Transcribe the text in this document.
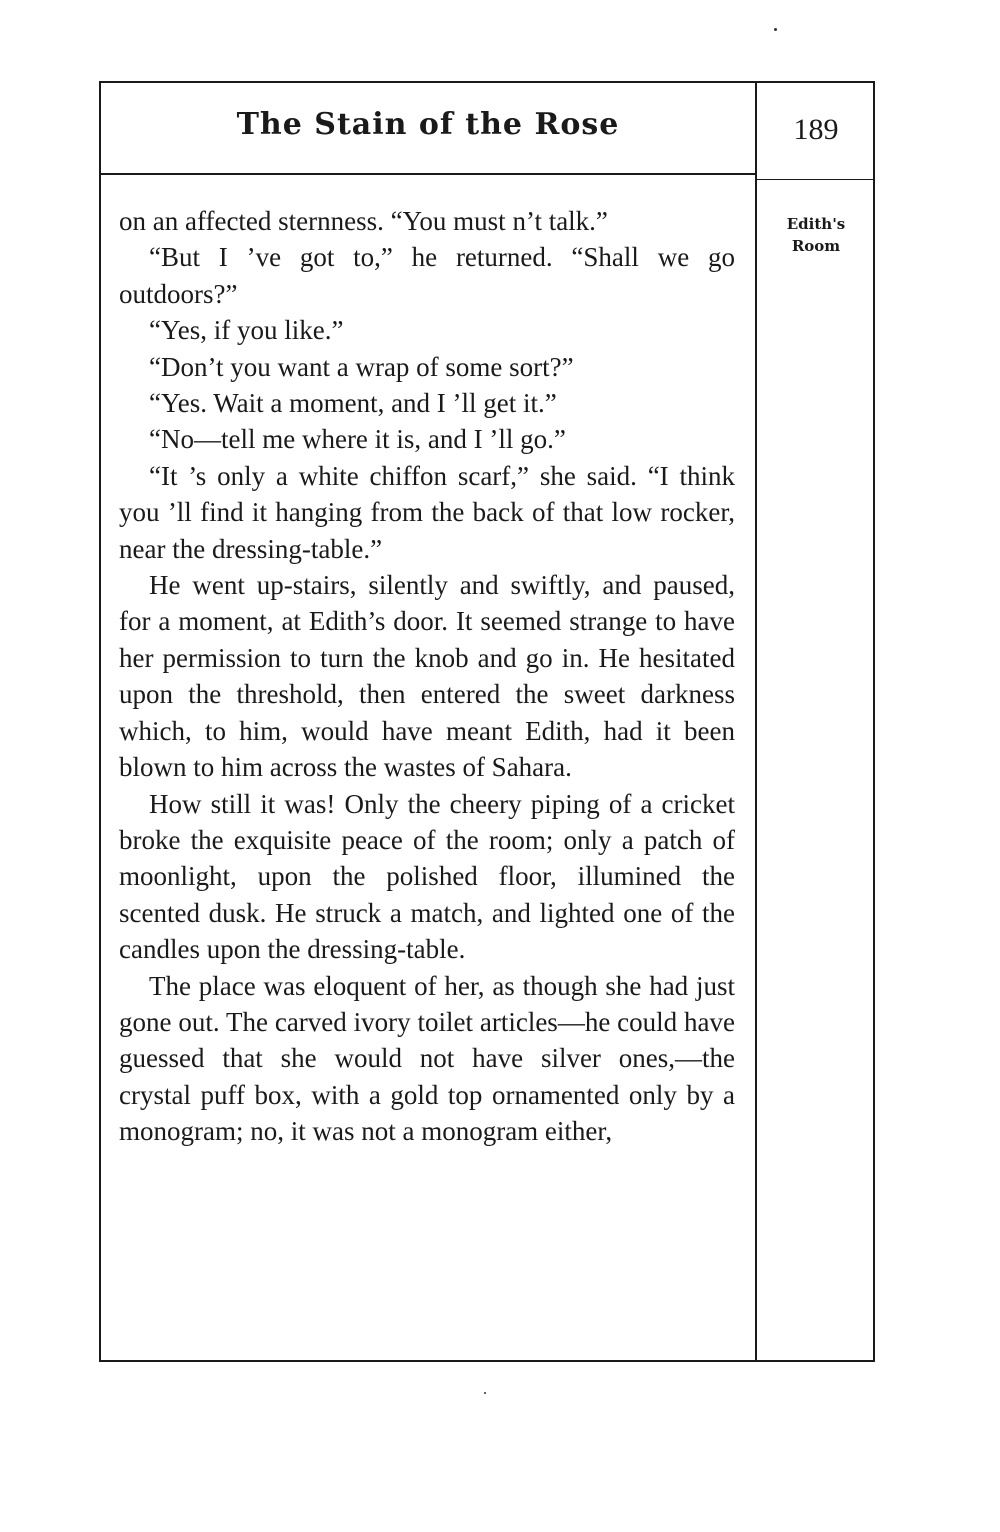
The Stain of the Rose	189
Edith's
Room

on an affected sternness. “You must n’t talk.”

“But I ’ve got to,” he returned. “Shall we go outdoors?”

“Yes, if you like.”

“Don’t you want a wrap of some sort?”

“Yes. Wait a moment, and I ’ll get it.”

“No—tell me where it is, and I ’ll go.”

“It ’s only a white chiffon scarf,” she said. “I think you ’ll find it hanging from the back of that low rocker, near the dressing-table.”

He went up-stairs, silently and swiftly, and paused, for a moment, at Edith’s door. It seemed strange to have her permission to turn the knob and go in. He hesitated upon the threshold, then entered the sweet darkness which, to him, would have meant Edith, had it been blown to him across the wastes of Sahara.

How still it was! Only the cheery piping of a cricket broke the exquisite peace of the room; only a patch of moonlight, upon the polished floor, illumined the scented dusk. He struck a match, and lighted one of the candles upon the dressing-table.

The place was eloquent of her, as though she had just gone out. The carved ivory toilet articles—he could have guessed that she would not have silver ones,—the crystal puff box, with a gold top ornamented only by a monogram; no, it was not a monogram either,
